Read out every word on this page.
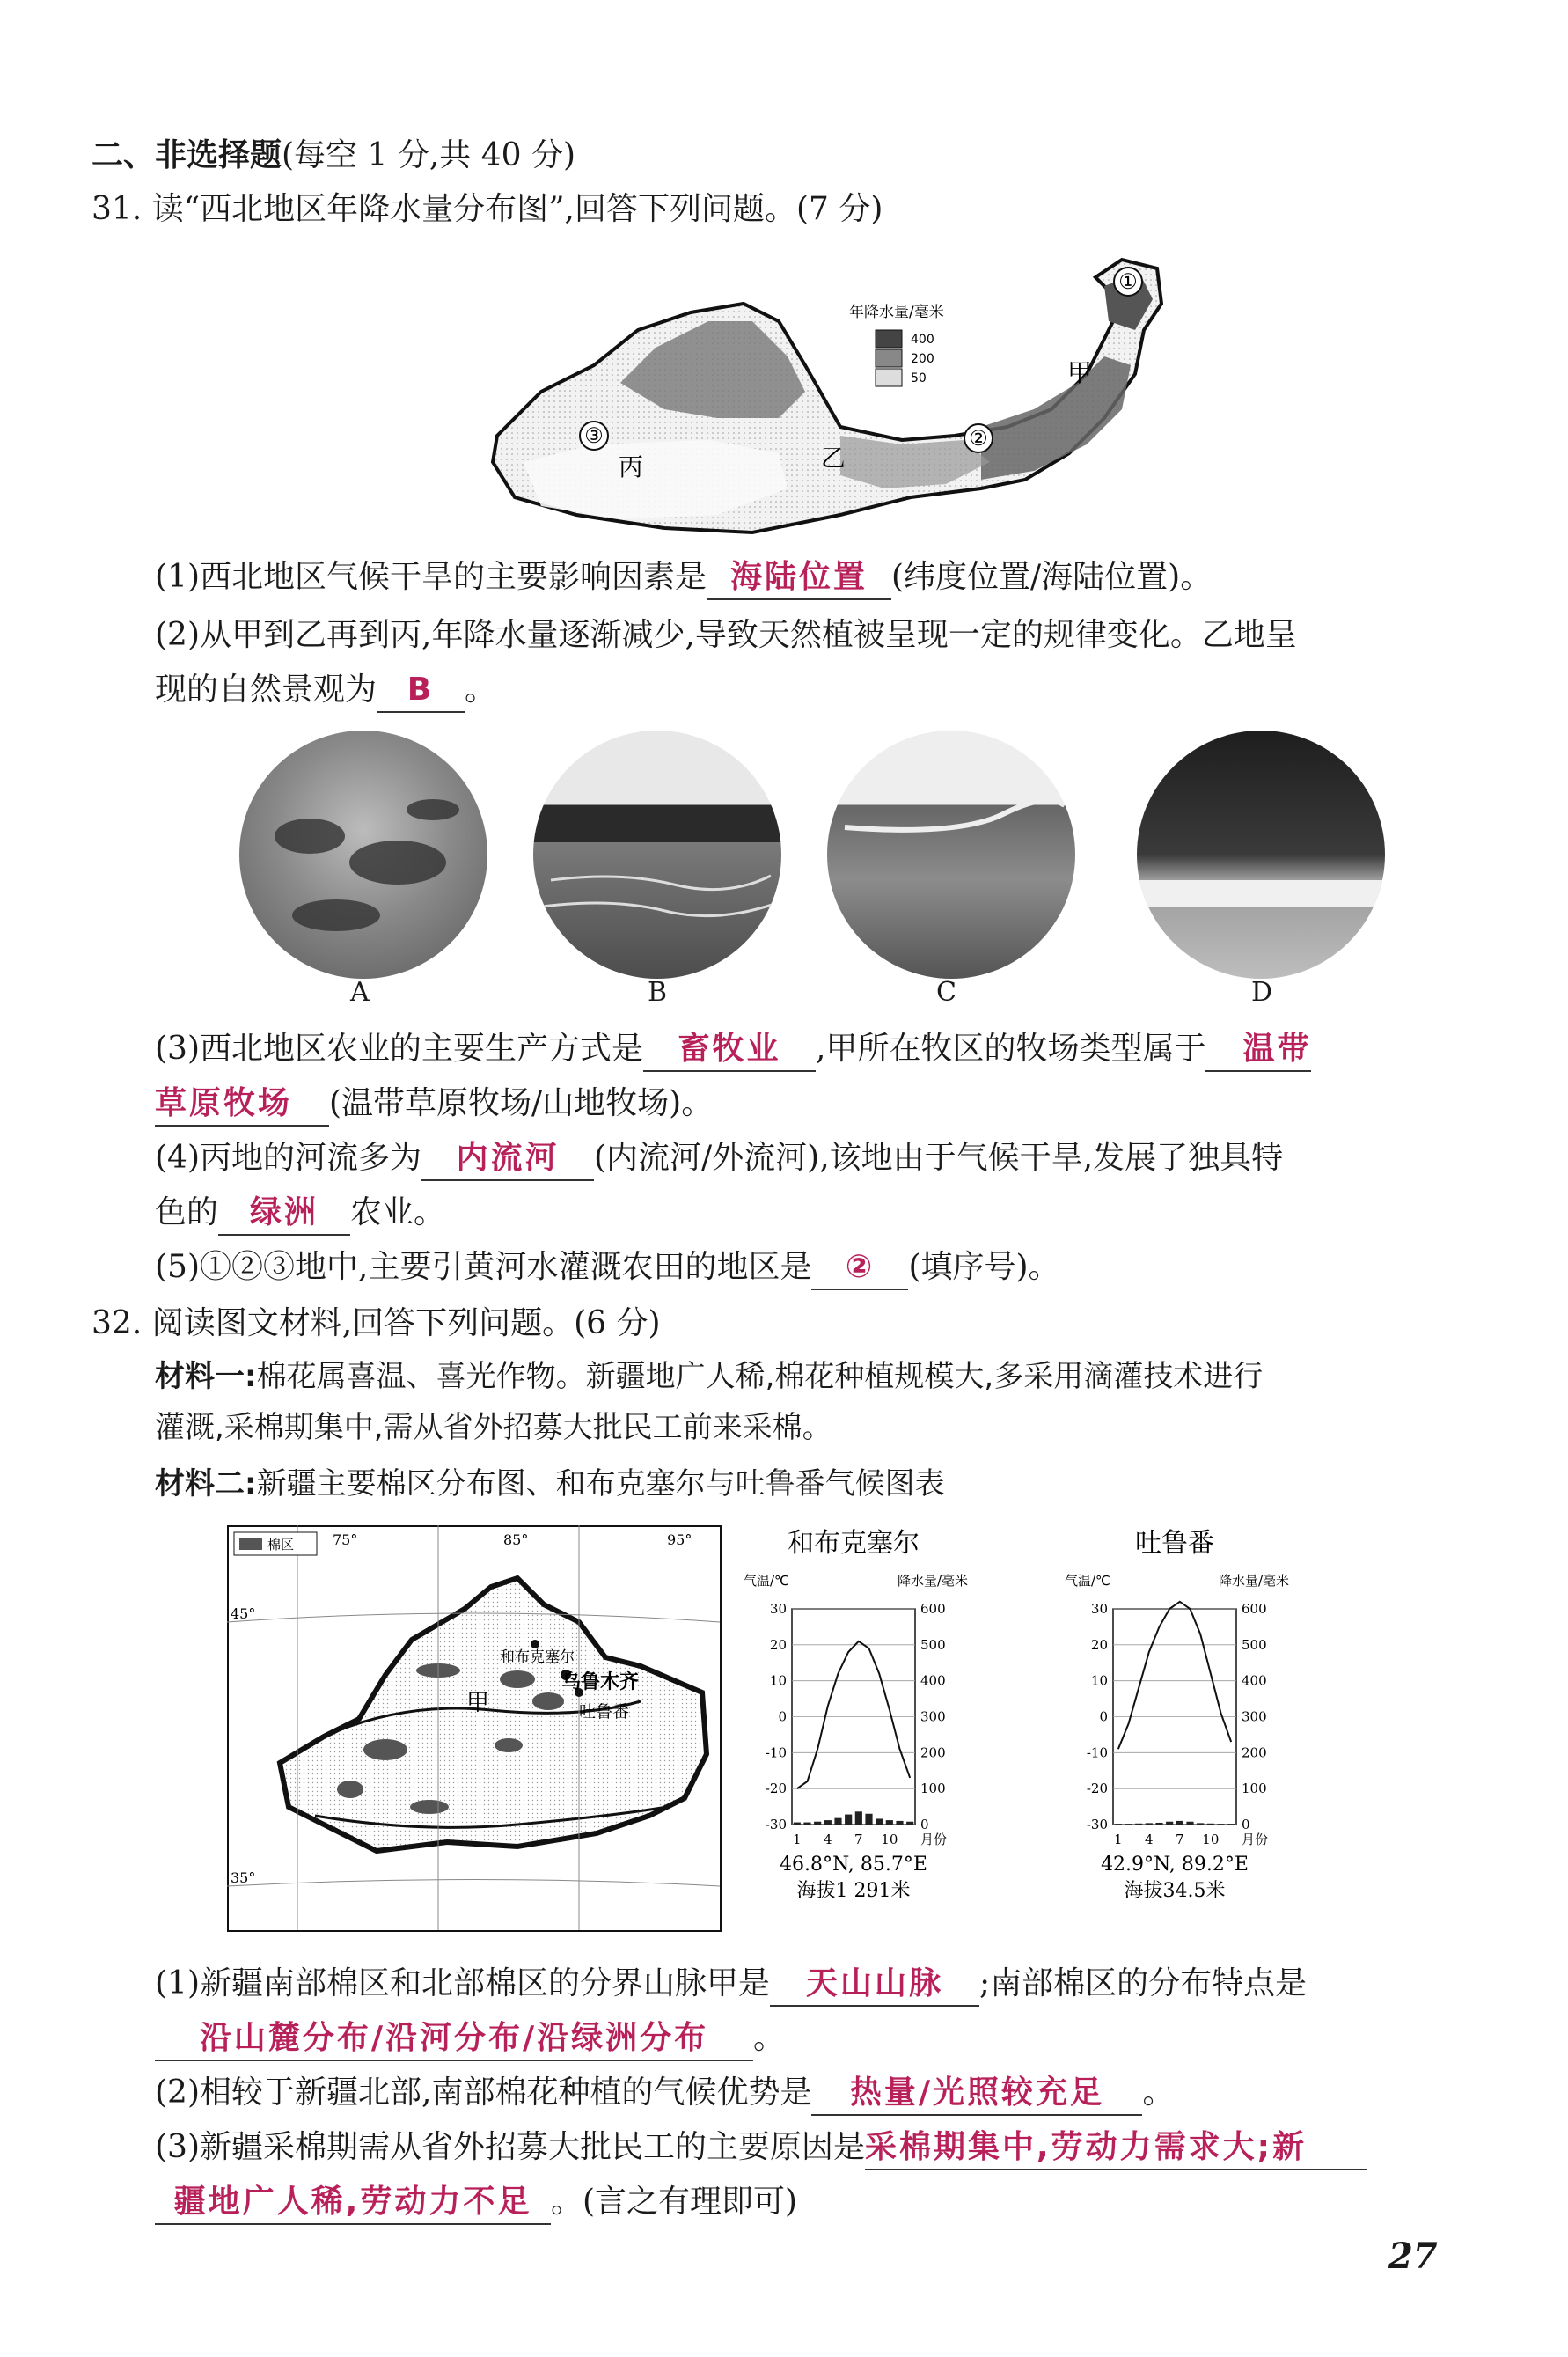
二、非选择题(每空 1 分,共 40 分)
31. 读“西北地区年降水量分布图”,回答下列问题。(7 分)
年降水量/毫米
400
200
50
①
②
③
甲
乙
丙
(1)西北地区气候干旱的主要影响因素是 海陆位置 (纬度位置/海陆位置)。
(2)从甲到乙再到丙,年降水量逐渐减少,导致天然植被呈现一定的规律变化。乙地呈
现的自然景观为 B 。
A	B	C	D
(3)西北地区农业的主要生产方式是 畜牧业 ,甲所在牧区的牧场类型属于 温带
草原牧场 (温带草原牧场/山地牧场)。
(4)丙地的河流多为 内流河 (内流河/外流河),该地由于气候干旱,发展了独具特
色的 绿洲 农业。
(5)①②③地中,主要引黄河水灌溉农田的地区是 ② (填序号)。
32. 阅读图文材料,回答下列问题。(6 分)
材料一:棉花属喜温、喜光作物。新疆地广人稀,棉花种植规模大,多采用滴灌技术进行
灌溉,采棉期集中,需从省外招募大批民工前来采棉。
材料二:新疆主要棉区分布图、和布克塞尔与吐鲁番气候图表
棉区	75°	85°	95°
45°
35°
和布克塞尔
乌鲁木齐
吐鲁番
甲
和布克塞尔
气温/℃	降水量/毫米
30
20
10
0
-10
-20
-30
600
500
400
300
200
100
0
1 4 7 10 月份
46.8°N, 85.7°E
海拔1 291米
吐鲁番
气温/℃	降水量/毫米
30
20
10
0
-10
-20
-30
600
500
400
300
200
100
0
1 4 7 10 月份
42.9°N, 89.2°E
海拔34.5米
(1)新疆南部棉区和北部棉区的分界山脉甲是 天山山脉 ;南部棉区的分布特点是
沿山麓分布/沿河分布/沿绿洲分布 。
(2)相较于新疆北部,南部棉花种植的气候优势是 热量/光照较充足 。
(3)新疆采棉期需从省外招募大批民工的主要原因是采棉期集中,劳动力需求大;新
疆地广人稀,劳动力不足 。(言之有理即可)
27
